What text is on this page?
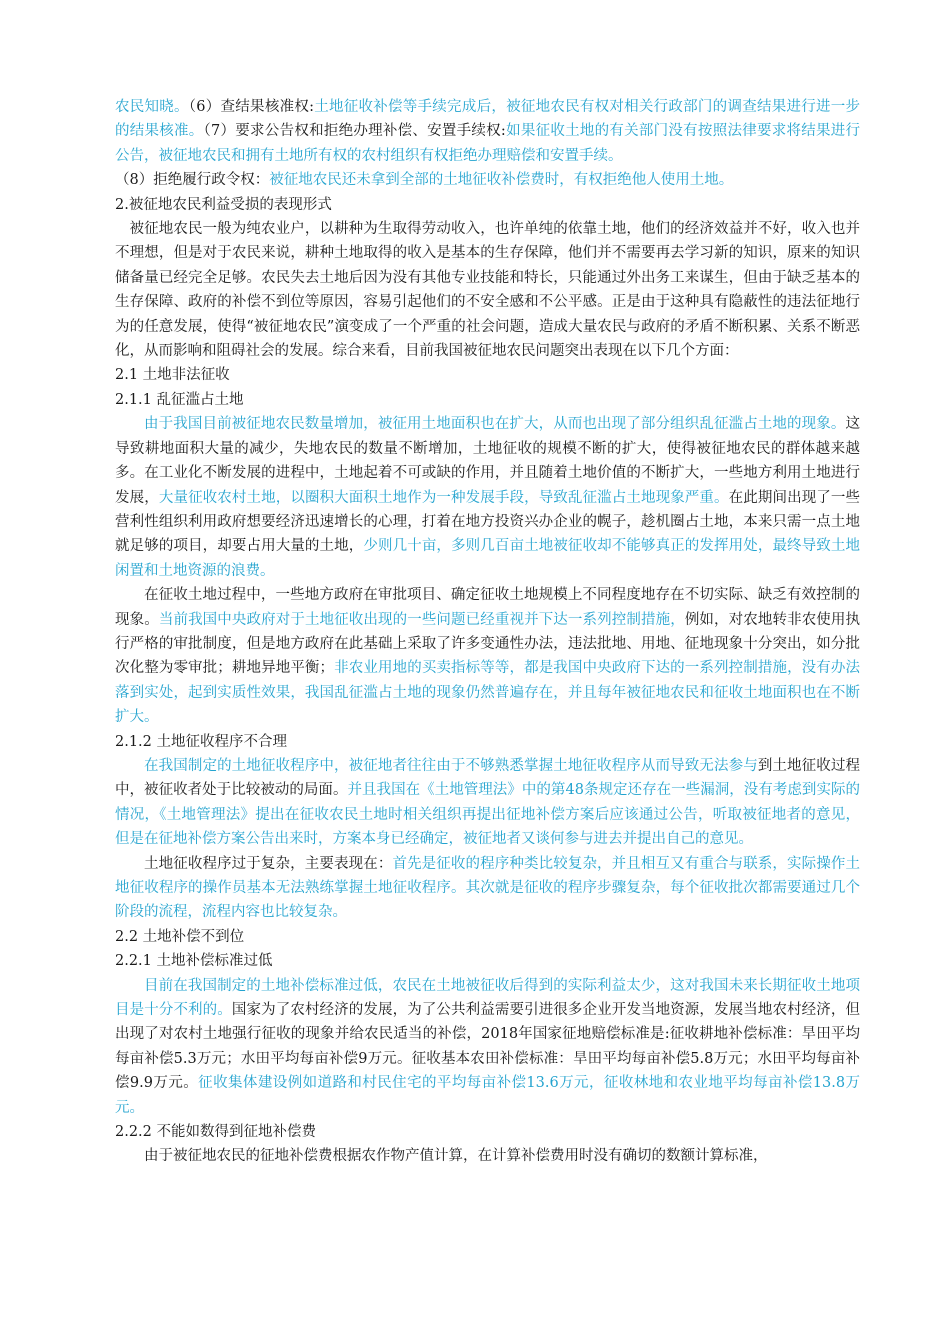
农民知晓。（6）查结果核准权:土地征收补偿等手续完成后，被征地农民有权对相关行政部门的调查结果进行进一步的结果核准。（7）要求公告权和拒绝办理补偿、安置手续权:如果征收土地的有关部门没有按照法律要求将结果进行公告，被征地农民和拥有土地所有权的农村组织有权拒绝办理赔偿和安置手续。

（8）拒绝履行政令权：被征地农民还未拿到全部的土地征收补偿费时，有权拒绝他人使用土地。

2.被征地农民利益受损的表现形式

被征地农民一般为纯农业户，以耕种为生取得劳动收入，也许单纯的依靠土地，他们的经济效益并不好，收入也并不理想，但是对于农民来说，耕种土地取得的收入是基本的生存保障，他们并不需要再去学习新的知识，原来的知识储备量已经完全足够。农民失去土地后因为没有其他专业技能和特长，只能通过外出务工来谋生，但由于缺乏基本的生存保障、政府的补偿不到位等原因，容易引起他们的不安全感和不公平感。正是由于这种具有隐蔽性的违法征地行为的任意发展，使得“被征地农民”演变成了一个严重的社会问题，造成大量农民与政府的矛盾不断积累、关系不断恶化，从而影响和阻碍社会的发展。综合来看，目前我国被征地农民问题突出表现在以下几个方面：

2.1 土地非法征收

2.1.1 乱征滥占土地

由于我国目前被征地农民数量增加，被征用土地面积也在扩大，从而也出现了部分组织乱征滥占土地的现象。这导致耕地面积大量的减少，失地农民的数量不断增加，土地征收的规模不断的扩大，使得被征地农民的群体越来越多。在工业化不断发展的进程中，土地起着不可或缺的作用，并且随着土地价值的不断扩大，一些地方利用土地进行发展，大量征收农村土地，以圈积大面积土地作为一种发展手段，导致乱征滥占土地现象严重。在此期间出现了一些营利性组织利用政府想要经济迅速增长的心理，打着在地方投资兴办企业的幌子，趁机圈占土地，本来只需一点土地就足够的项目，却要占用大量的土地，少则几十亩，多则几百亩土地被征收却不能够真正的发挥用处，最终导致土地闲置和土地资源的浪费。

在征收土地过程中，一些地方政府在审批项目、确定征收土地规模上不同程度地存在不切实际、缺乏有效控制的现象。当前我国中央政府对于土地征收出现的一些问题已经重视并下达一系列控制措施，例如，对农地转非农使用执行严格的审批制度，但是地方政府在此基础上采取了许多变通性办法，违法批地、用地、征地现象十分突出，如分批次化整为零审批；耕地异地平衡；非农业用地的买卖指标等等，都是我国中央政府下达的一系列控制措施，没有办法落到实处，起到实质性效果，我国乱征滥占土地的现象仍然普遍存在，并且每年被征地农民和征收土地面积也在不断扩大。

2.1.2 土地征收程序不合理

在我国制定的土地征收程序中，被征地者往往由于不够熟悉掌握土地征收程序从而导致无法参与到土地征收过程中，被征收者处于比较被动的局面。并且我国在《土地管理法》中的第48条规定还存在一些漏洞，没有考虑到实际的情况，《土地管理法》提出在征收农民土地时相关组织再提出征地补偿方案后应该通过公告，听取被征地者的意见，但是在征地补偿方案公告出来时，方案本身已经确定，被征地者又谈何参与进去并提出自己的意见。

土地征收程序过于复杂，主要表现在：首先是征收的程序种类比较复杂，并且相互又有重合与联系，实际操作土地征收程序的操作员基本无法熟练掌握土地征收程序。其次就是征收的程序步骤复杂，每个征收批次都需要通过几个阶段的流程，流程内容也比较复杂。

2.2 土地补偿不到位

2.2.1 土地补偿标准过低

目前在我国制定的土地补偿标准过低，农民在土地被征收后得到的实际利益太少，这对我国未来长期征收土地项目是十分不利的。国家为了农村经济的发展，为了公共利益需要引进很多企业开发当地资源，发展当地农村经济，但出现了对农村土地强行征收的现象并给农民适当的补偿，2018年国家征地赔偿标准是:征收耕地补偿标准：旱田平均每亩补偿5.3万元；水田平均每亩补偿9万元。征收基本农田补偿标准：旱田平均每亩补偿5.8万元；水田平均每亩补偿9.9万元。征收集体建设例如道路和村民住宅的平均每亩补偿13.6万元，征收林地和农业地平均每亩补偿13.8万元。

2.2.2 不能如数得到征地补偿费

由于被征地农民的征地补偿费根据农作物产值计算，在计算补偿费用时没有确切的数额计算标准，
